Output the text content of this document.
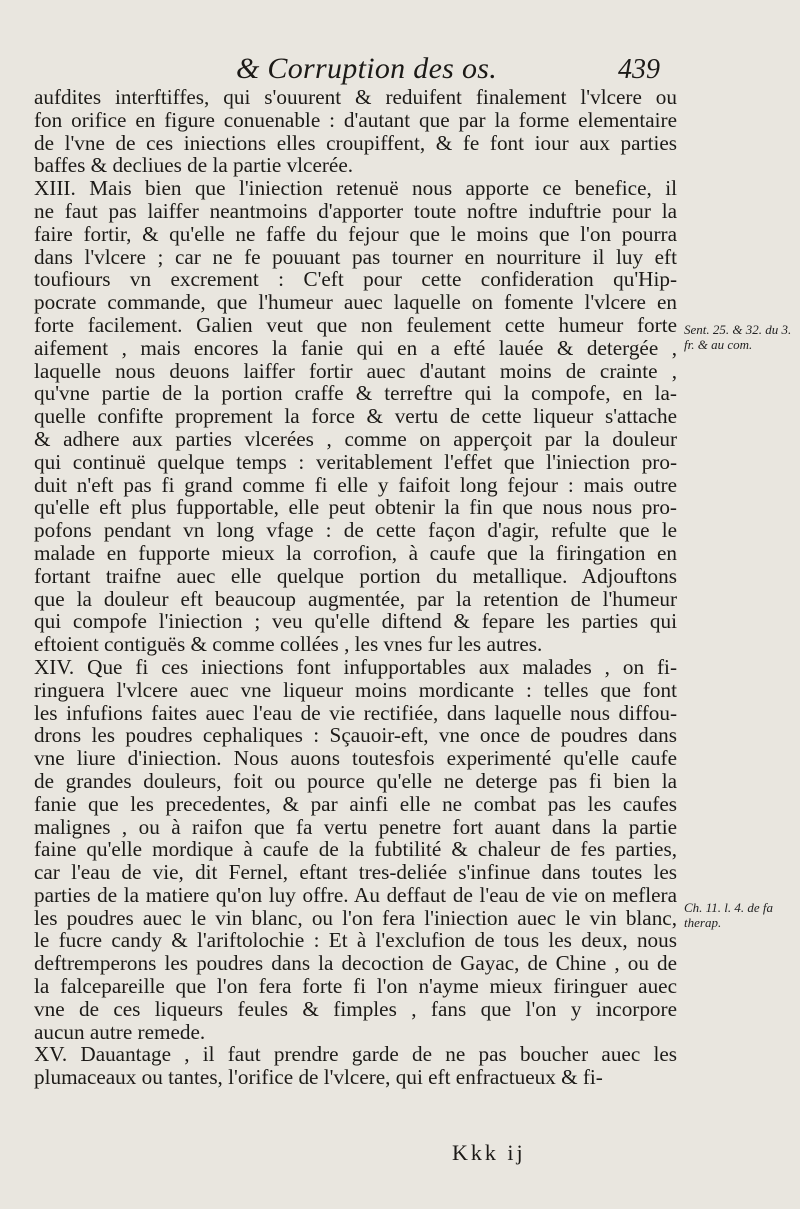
& Corruption des os.	439
aufdites interftiffes, qui s'ouurent & reduifent finalement l'vlcere ou
fon orifice en figure conuenable : d'autant que par la forme elementaire
de l'vne de ces iniections elles croupiffent, & fe font iour aux parties
baffes & decliues de la partie vlcerée.
XIII. Mais bien que l'iniection retenuë nous apporte ce benefice, il
ne faut pas laiffer neantmoins d'apporter toute noftre induftrie pour la
faire fortir, & qu'elle ne faffe du fejour que le moins que l'on pourra
dans l'vlcere ; car ne fe pouuant pas tourner en nourriture il luy eft
toufiours vn excrement : C'eft pour cette confideration qu'Hip-
pocrate commande, que l'humeur auec laquelle on fomente l'vlcere en
forte facilement. Galien veut que non feulement cette humeur forte
aifement , mais encores la fanie qui en a efté lauée & detergée ,
laquelle nous deuons laiffer fortir auec d'autant moins de crainte ,
qu'vne partie de la portion craffe & terreftre qui la compofe, en la-
quelle confifte proprement la force & vertu de cette liqueur s'attache
& adhere aux parties vlcerées , comme on apperçoit par la douleur
qui continuë quelque temps : veritablement l'effet que l'iniection pro-
duit n'eft pas fi grand comme fi elle y faifoit long fejour : mais outre
qu'elle eft plus fupportable, elle peut obtenir la fin que nous nous pro-
pofons pendant vn long vfage : de cette façon d'agir, refulte que le
malade en fupporte mieux la corrofion, à caufe que la firingation en
fortant traifne auec elle quelque portion du metallique. Adjouftons
que la douleur eft beaucoup augmentée, par la retention de l'humeur
qui compofe l'iniection ; veu qu'elle diftend & fepare les parties qui
eftoient contiguës & comme collées , les vnes fur les autres.
XIV. Que fi ces iniections font infupportables aux malades , on fi-
ringuera l'vlcere auec vne liqueur moins mordicante : telles que font
les infufions faites auec l'eau de vie rectifiée, dans laquelle nous diffou-
drons les poudres cephaliques : Sçauoir-eft, vne once de poudres dans
vne liure d'iniection. Nous auons toutesfois experimenté qu'elle caufe
de grandes douleurs, foit ou pource qu'elle ne deterge pas fi bien la
fanie que les precedentes, & par ainfi elle ne combat pas les caufes
malignes , ou à raifon que fa vertu penetre fort auant dans la partie
faine qu'elle mordique à caufe de la fubtilité & chaleur de fes parties,
car l'eau de vie, dit Fernel, eftant tres-deliée s'infinue dans toutes les
parties de la matiere qu'on luy offre. Au deffaut de l'eau de vie on meflera
les poudres auec le vin blanc, ou l'on fera l'iniection auec le vin blanc,
le fucre candy & l'ariftolochie : Et à l'exclufion de tous les deux, nous
deftremperons les poudres dans la decoction de Gayac, de Chine , ou de
la falcepareille que l'on fera forte fi l'on n'ayme mieux firinguer auec
vne de ces liqueurs feules & fimples , fans que l'on y incorpore
aucun autre remede.
XV. Dauantage , il faut prendre garde de ne pas boucher auec les
plumaceaux ou tantes, l'orifice de l'vlcere, qui eft enfractueux & fi-
Sent. 25. & 32. du 3. fr. & au com.
Ch. 11. l. 4. de fa therap.
Kkk ij
